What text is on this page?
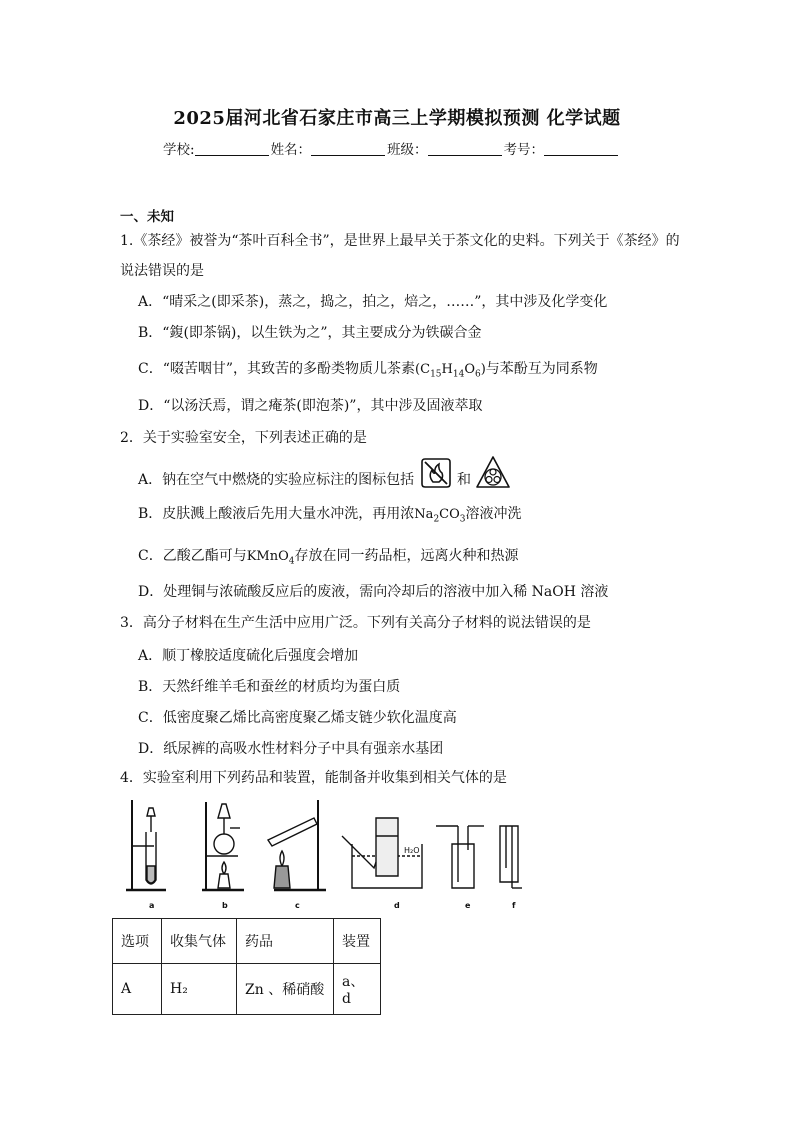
2025届河北省石家庄市高三上学期模拟预测 化学试题
学校:	姓名：	班级：	考号：
一、未知
1.《茶经》被誉为“茶叶百科全书”，是世界上最早关于茶文化的史料。下列关于《茶经》的
说法错误的是
A．“晴采之(即采茶)，蒸之，捣之，拍之，焙之，……”，其中涉及化学变化
B．“鍑(即茶锅)，以生铁为之”，其主要成分为铁碳合金
C．“啜苦咽甘”，其致苦的多酚类物质儿茶素$(C_{15}H_{14}O_6)$与苯酚互为同系物
D．“以汤沃焉，谓之痷茶(即泡茶)”，其中涉及固液萃取
2．关于实验室安全，下列表述正确的是
A．钠在空气中燃烧的实验应标注的图标包括	和
B．皮肤溅上酸液后先用大量水冲洗，再用浓$Na_2CO_3$溶液冲洗
C．乙酸乙酯可与KMnO$_4$存放在同一药品柜，远离火种和热源
D．处理铜与浓硫酸反应后的废液，需向冷却后的溶液中加入稀 NaOH 溶液
3．高分子材料在生产生活中应用广泛。下列有关高分子材料的说法错误的是
A．顺丁橡胶适度硫化后强度会增加
B．天然纤维羊毛和蚕丝的材质均为蛋白质
C．低密度聚乙烯比高密度聚乙烯支链少软化温度高
D．纸尿裤的高吸水性材料分子中具有强亲水基团
4．实验室利用下列药品和装置，能制备并收集到相关气体的是
H₂O
a	b	c	d	e	f
选项	收集气体	药品	装置
A	H₂	Zn 、稀硝酸	a、d
